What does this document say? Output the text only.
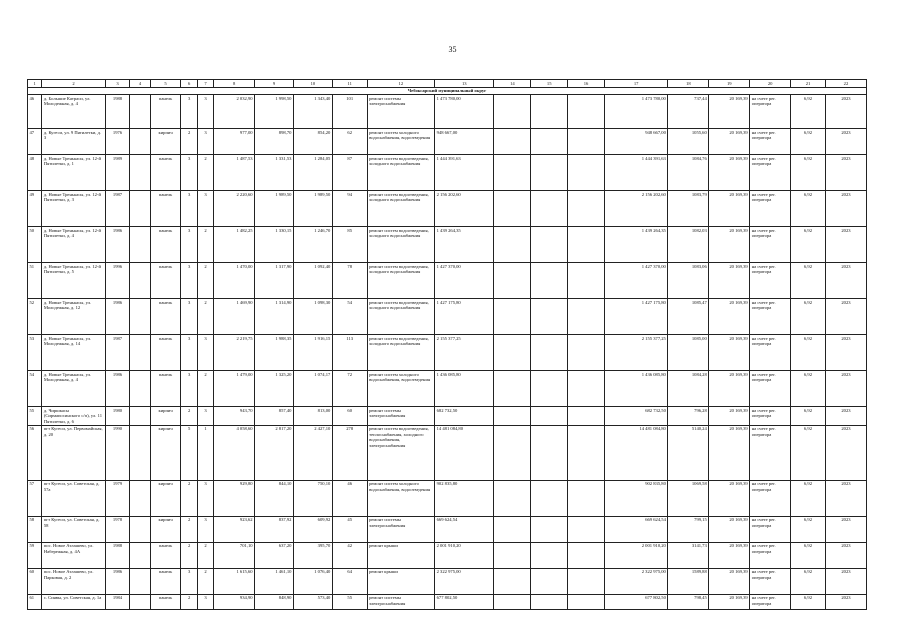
35
1	2	3	4	5	6	7	8	9	10	11	12	13	14	15	16	17	18	19	20	21	22
Чебоксарский муниципальный округ																					
46	д. Большие Катраси, ул. Молодежная, д. 4	1988		панель	3	3	2 032,90	1 998,50	1 343,40	101	ремонт системы электроснабжения	1 473 780,00				1 473 780,00	737,44	20 169,39	на счете рег. оператора	6,92	2023
47	д. Кугеси, ул. 9 Пятилетки, д. 3	1976		кирпич	2	3	977,00	898,70	854,20	62	ремонт систем холодного водоснабжения, водоотведения	948 667,00				948 667,00	1055,60	20 169,39	на счете рег. оператора	6,92	2023
48	д. Новые Тренькасы, ул. 12-й Пятилетки, д. 1	1989		панель	3	2	1 487,53	1 331,53	1 284,05	87	ремонт систем водоотведения, холодного водоснабжения	1 444 391,63				1 444 391,63	1084,76	20 169,39	на счете рег. оператора	6,92	2023
49	д. Новые Тренькасы, ул. 12-й Пятилетки, д. 3	1987		панель	3	3	2 220,60	1 989,50	1 989,50	94	ремонт систем водоотведения, холодного водоснабжения	2 156 202,60				2 156 202,60	1083,79	20 169,39	на счете рег. оператора	6,92	2023
50	д. Новые Тренькасы, ул. 12-й Пятилетки, д. 4	1986		панель	3	2	1 482,25	1 330,15	1 246,70	85	ремонт систем водоотведения, холодного водоснабжения	1 439 264,35				1 439 264,35	1082,03	20 169,39	на счете рег. оператора	6,92	2023
51	д. Новые Тренькасы, ул. 12-й Пятилетки, д. 5	1996		панель	3	2	1 470,00	1 317,90	1 092,40	78	ремонт систем водоотведения, холодного водоснабжения	1 427 370,00				1 427 370,00	1083,06	20 169,39	на счете рег. оператора	6,92	2023
52	д. Новые Тренькасы, ул. Молодежная, д. 12	1986		панель	3	2	1 469,90	1 314,90	1 098,30	54	ремонт систем водоотведения, холодного водоснабжения	1 427 175,80				1 427 175,80	1085,47	20 169,39	на счете рег. оператора	6,92	2023
53	д. Новые Тренькасы, ул. Молодежная, д. 14	1987		панель	3	3	2 219,75	1 988,35	1 916,15	113	ремонт систем водоотведения, холодного водоснабжения	2 155 377,25				2 155 377,25	1085,00	20 169,39	на счете рег. оператора	6,92	2023
54	д. Новые Тренькасы, ул. Молодежная, д. 4	1986		панель	3	2	1 479,00	1 325,20	1 074,17	72	ремонт систем холодного водоснабжения, водоотведения	1 436 085,80				1 436 085,80	1084,28	20 169,39	на счете рег. оператора	6,92	2023
55	д. Чиршкасы (Сирмапосинского с/п), ул. 11 Пятилетки, д. 6	1980		кирпич	2	3	943,70	857,40	813,00	60	ремонт системы электроснабжения	682 732,50				682 732,50	796,28	20 169,39	на счете рег. оператора	6,92	2023
56	пгт Кугеси, ул. Первомайская, д. 20	1990		кирпич	5	1	4 058,60	2 817,20	2 427,10	278	ремонт систем водоотведения, теплоснабжения, холодного водоснабжения, электроснабжения	14 481 084,80				14 481 084,80	5140,24	20 169,39	на счете рег. оператора	6,92	2023
57	пгт Кугеси, ул. Советская, д. 57а	1979		кирпич	2	3	929,80	844,10	750,10	46	ремонт систем холодного водоснабжения, водоотведения	902 835,80				902 835,80	1069,58	20 169,39	на счете рег. оператора	6,92	2023
58	пгт Кугеси, ул. Советская, д. 58	1978		кирпич	2	3	923,62	837,92	609,92	45	ремонт системы электроснабжения	669 624,54				669 624,54	799,15	20 169,39	на счете рег. оператора	6,92	2023
59	пос. Новое Атлашево, ул. Набережная, д. 4А	1988		панель	2	2	701,10	637,20	395,70	42	ремонт крыши	2 001 910,20				2 001 910,20	3141,73	20 169,39	на счете рег. оператора	6,92	2023
60	пос. Новое Атлашево, ул. Парковая, д. 2	1986		панель	3	2	1 615,60	1 461,10	1 076,40	64	ремонт крыши	2 322 975,00				2 322 975,00	1589,88	20 169,39	на счете рег. оператора	6,92	2023
61	с. Сиявы, ул. Советская, д. 1а	1984		панель	2	3	934,90	848,90	573,40	55	ремонт системы электроснабжения	677 802,50				677 802,50	798,45	20 169,39	на счете рег. оператора	6,92	2023
